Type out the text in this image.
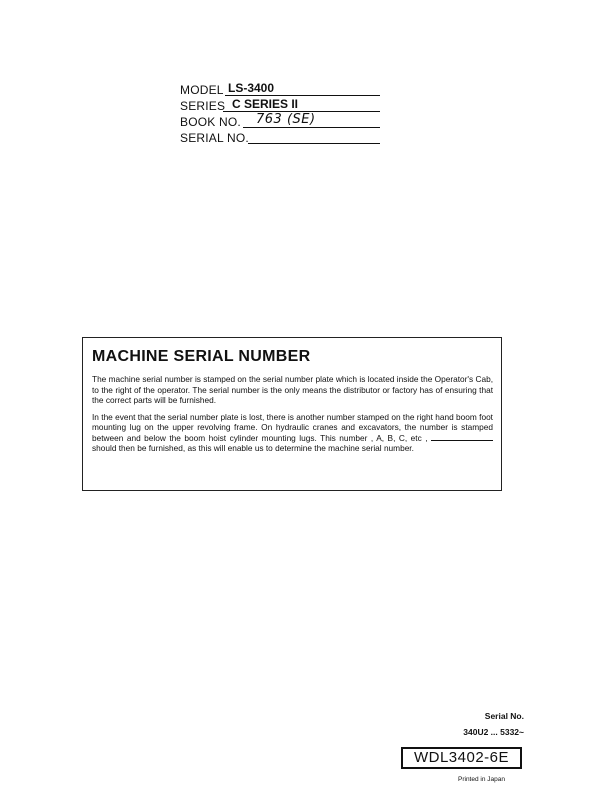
MODEL LS-3400
SERIES C SERIES II
BOOK NO. 763 (SE)
SERIAL NO.
MACHINE SERIAL NUMBER

The machine serial number is stamped on the serial number plate which is located inside the Operator's Cab, to the right of the operator. The serial number is the only means the distributor or factory has of ensuring that the correct parts will be furnished.

In the event that the serial number plate is lost, there is another number stamped on the right hand boom foot mounting lug on the upper revolving frame. On hydraulic cranes and excavators, the number is stamped between and below the boom hoist cylinder mounting lugs. This number , A, B, C, etc ,  should then be furnished, as this will enable us to determine the machine serial number.

Serial No.
340U2 ... 5332~
WDL3402-6E
Printed in Japan
